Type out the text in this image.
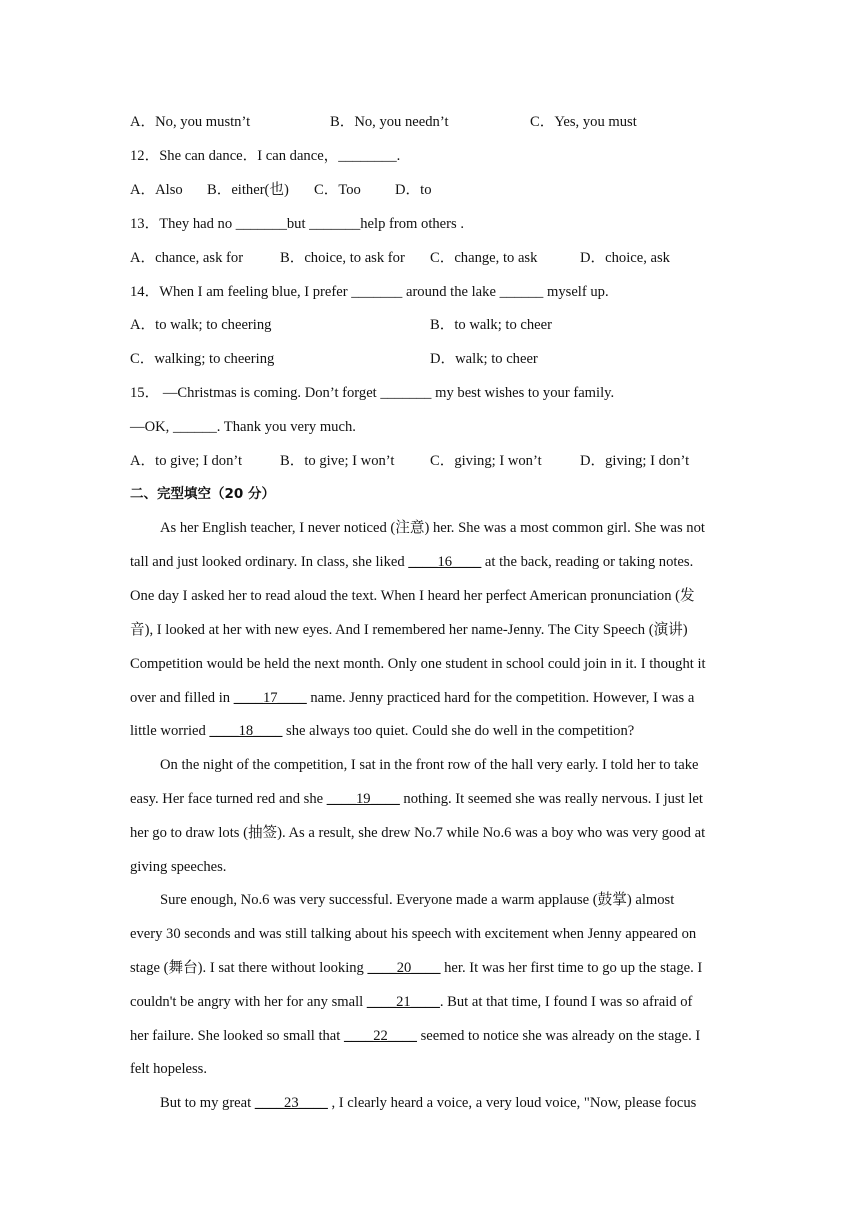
A．No, you mustn’t	B．No, you needn’t	C．Yes, you must
12．She can dance．I can dance，________.
A．Also B．either(也) C．Too D．to
13．They had no _______but _______help from others .
A．chance, ask for	B．choice, to ask for C．change, to ask	D．choice, ask
14．When I am feeling blue, I prefer _______ around the lake ______ myself up.
A．to walk; to cheering	B．to walk; to cheer
C．walking; to cheering	D．walk; to cheer
15． —Christmas is coming. Don’t forget _______ my best wishes to your family.
—OK, ______. Thank you very much.
A．to give; I don’t	B．to give; I won’t C．giving; I won’t	D．giving; I don’t
二、完型填空（20 分）
As her English teacher, I never noticed (注意) her. She was a most common girl. She was not
tall and just looked ordinary. In class, she liked ____16____ at the back, reading or taking notes.
One day I asked her to read aloud the text. When I heard her perfect American pronunciation (发
音), I looked at her with new eyes. And I remembered her name-Jenny. The City Speech (演讲)
Competition would be held the next month. Only one student in school could join in it. I thought it
over and filled in ____17____ name. Jenny practiced hard for the competition. However, I was a
little worried ____18____ she always too quiet. Could she do well in the competition?
On the night of the competition, I sat in the front row of the hall very early. I told her to take
easy. Her face turned red and she ____19____ nothing. It seemed she was really nervous. I just let
her go to draw lots (抽签). As a result, she drew No.7 while No.6 was a boy who was very good at
giving speeches.
Sure enough, No.6 was very successful. Everyone made a warm applause (鼓掌) almost
every 30 seconds and was still talking about his speech with excitement when Jenny appeared on
stage (舞台). I sat there without looking ____20____ her. It was her first time to go up the stage. I
couldn't be angry with her for any small ____21____. But at that time, I found I was so afraid of
her failure. She looked so small that ____22____ seemed to notice she was already on the stage. I
felt hopeless.
But to my great ____23____ , I clearly heard a voice, a very loud voice, "Now, please focus
